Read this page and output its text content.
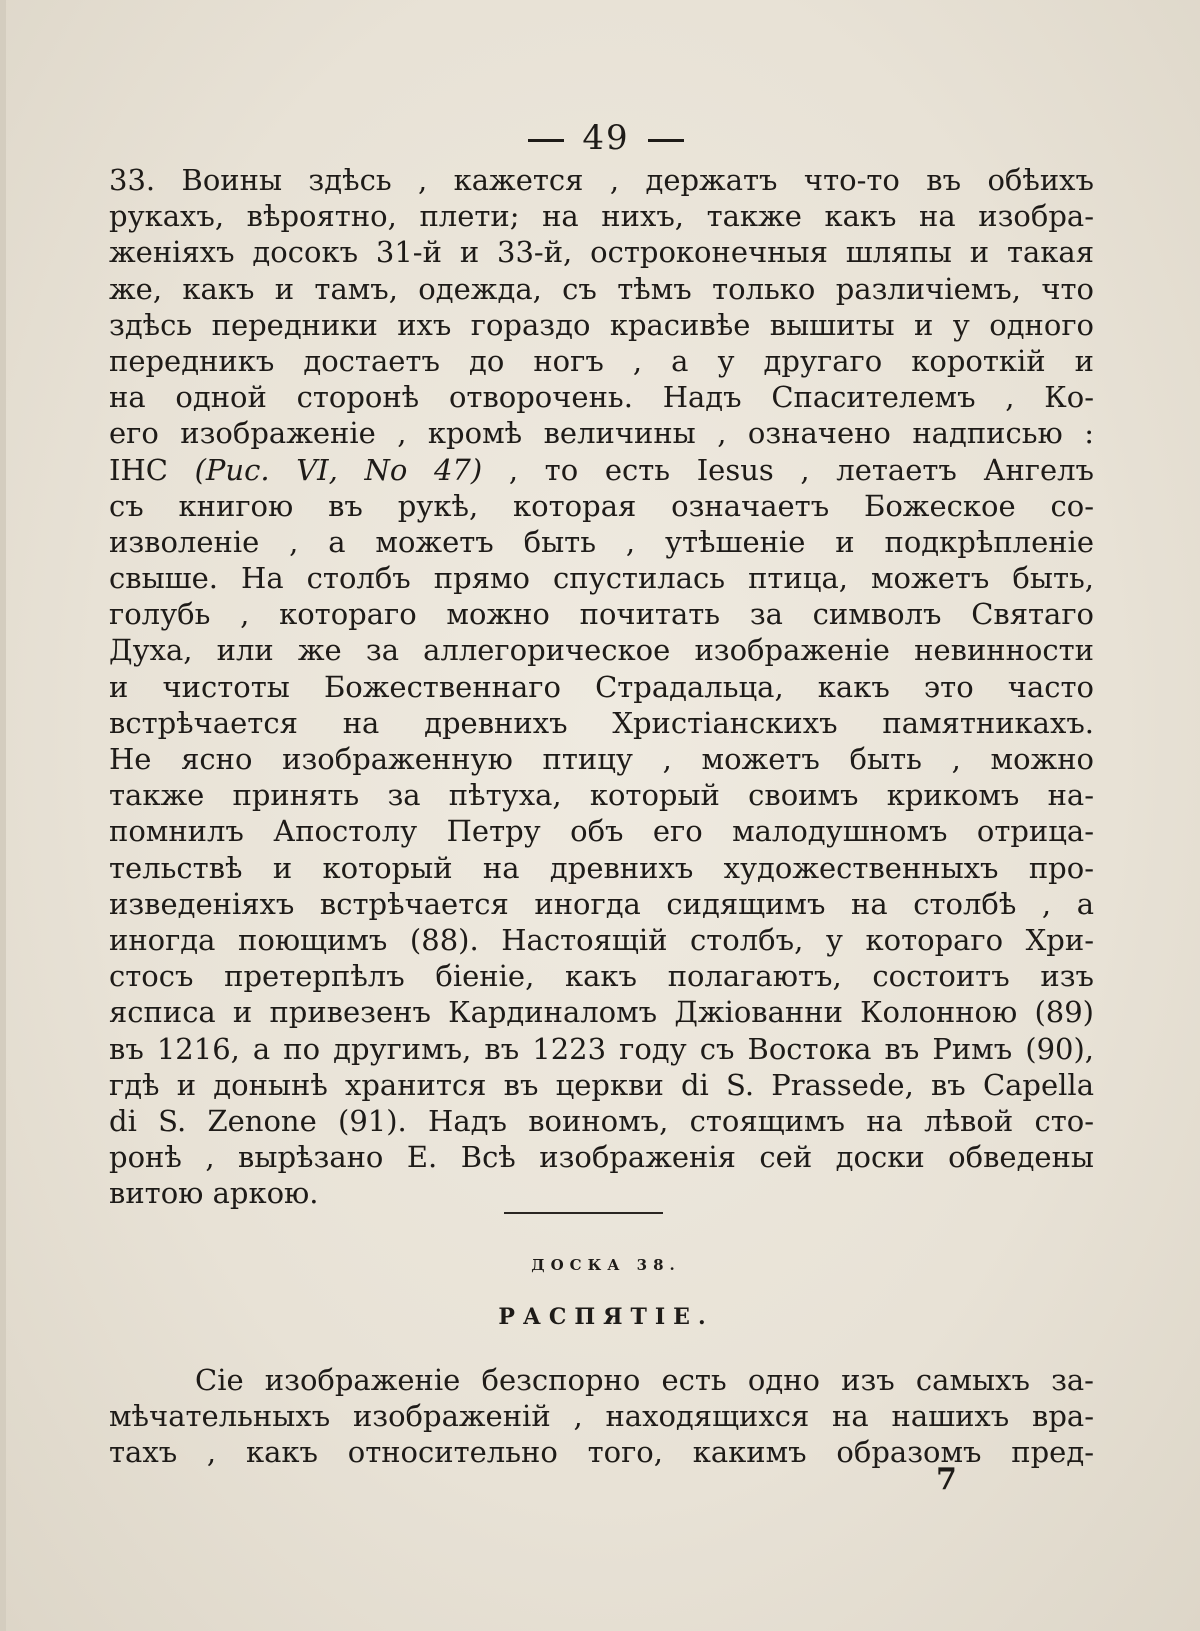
49
33. Воины здѣсь , кажется , держатъ что-то въ обѣихъ
рукахъ, вѣроятно, плети; на нихъ, также какъ на изобра-
женiяхъ досокъ 31-й и 33-й, остроконечныя шляпы и такая
же, какъ и тамъ, одежда, съ тѣмъ только различiемъ, что
здѣсь передники ихъ гораздо красивѣе вышиты и у одного
передникъ достаетъ до ногъ , а у другаго короткiй и
на одной сторонѣ отворочень. Надъ Спасителемъ , Ко-
его изображенiе , кромѣ величины , означено надписью :
IНС (Рис. VI, No 47) , то есть Iesus , летаетъ Ангелъ
съ книгою въ рукѣ, которая означаетъ Божеское со-
изволенiе , а можетъ быть , утѣшенiе и подкрѣпленiе
свыше. На столбъ прямо спустилась птица, можетъ быть,
голубь , котораго можно почитать за символъ Святаго
Духа, или же за аллегорическое изображенiе невинности
и чистоты Божественнаго Страдальца, какъ это часто
встрѣчается на древнихъ Христiанскихъ памятникахъ.
Не ясно изображенную птицу , можетъ быть , можно
также принять за пѣтуха, который своимъ крикомъ на-
помнилъ Апостолу Петру объ его малодушномъ отрица-
тельствѣ и который на древнихъ художественныхъ про-
изведенiяхъ встрѣчается иногда сидящимъ на столбѣ , а
иногда поющимъ (88). Настоящiй столбъ, у котораго Хри-
стосъ претерпѣлъ бiенiе, какъ полагаютъ, состоитъ изъ
ясписа и привезенъ Кардиналомъ Джiованни Колонною (89)
въ 1216, а по другимъ, въ 1223 году съ Востока въ Римъ (90),
гдѣ и донынѣ хранится въ церкви di S. Prassede, въ Capella
di S. Zenone (91). Надъ воиномъ, стоящимъ на лѣвой сто-
ронѣ , вырѣзано Е. Всѣ изображенiя сей доски обведены
витою аркою.
ДОСКА 38.
РАСПЯТIЕ.
Сiе изображенiе безспорно есть одно изъ самыхъ за-
мѣчательныхъ изображенiй , находящихся на нашихъ вра-
тахъ , какъ относительно того, какимъ образомъ пред-
7
